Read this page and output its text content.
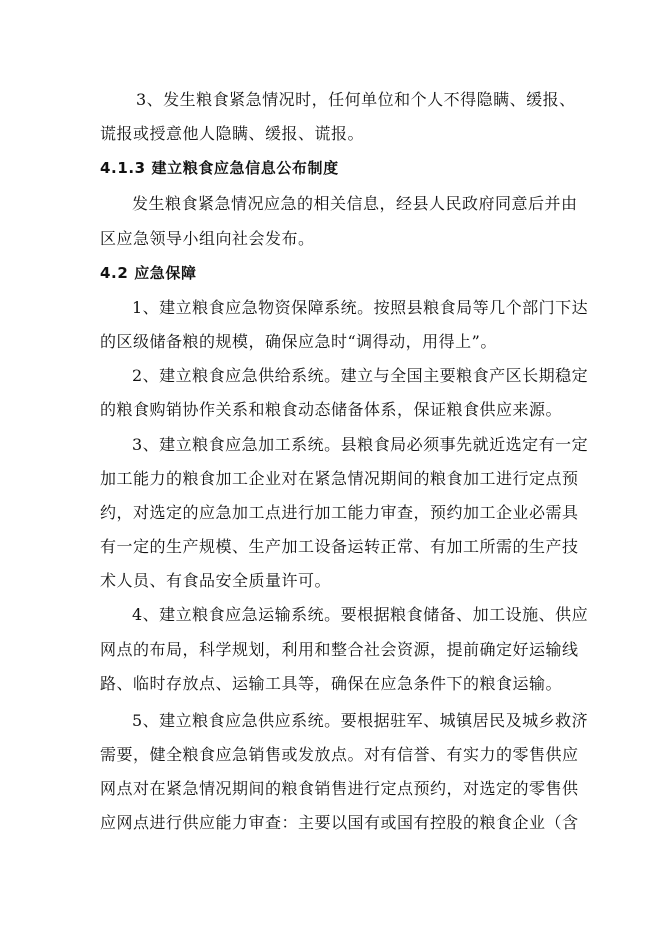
3、发生粮食紧急情况时，任何单位和个人不得隐瞒、缓报、
谎报或授意他人隐瞒、缓报、谎报。
4.1.3 建立粮食应急信息公布制度
发生粮食紧急情况应急的相关信息，经县人民政府同意后并由
区应急领导小组向社会发布。
4.2 应急保障
1、建立粮食应急物资保障系统。按照县粮食局等几个部门下达
的区级储备粮的规模，确保应急时“调得动，用得上”。
2、建立粮食应急供给系统。建立与全国主要粮食产区长期稳定
的粮食购销协作关系和粮食动态储备体系，保证粮食供应来源。
3、建立粮食应急加工系统。县粮食局必须事先就近选定有一定
加工能力的粮食加工企业对在紧急情况期间的粮食加工进行定点预
约，对选定的应急加工点进行加工能力审查，预约加工企业必需具
有一定的生产规模、生产加工设备运转正常、有加工所需的生产技
术人员、有食品安全质量许可。
4、建立粮食应急运输系统。要根据粮食储备、加工设施、供应
网点的布局，科学规划，利用和整合社会资源，提前确定好运输线
路、临时存放点、运输工具等，确保在应急条件下的粮食运输。
5、建立粮食应急供应系统。要根据驻军、城镇居民及城乡救济
需要，健全粮食应急销售或发放点。对有信誉、有实力的零售供应
网点对在紧急情况期间的粮食销售进行定点预约，对选定的零售供
应网点进行供应能力审查：主要以国有或国有控股的粮食企业（含
